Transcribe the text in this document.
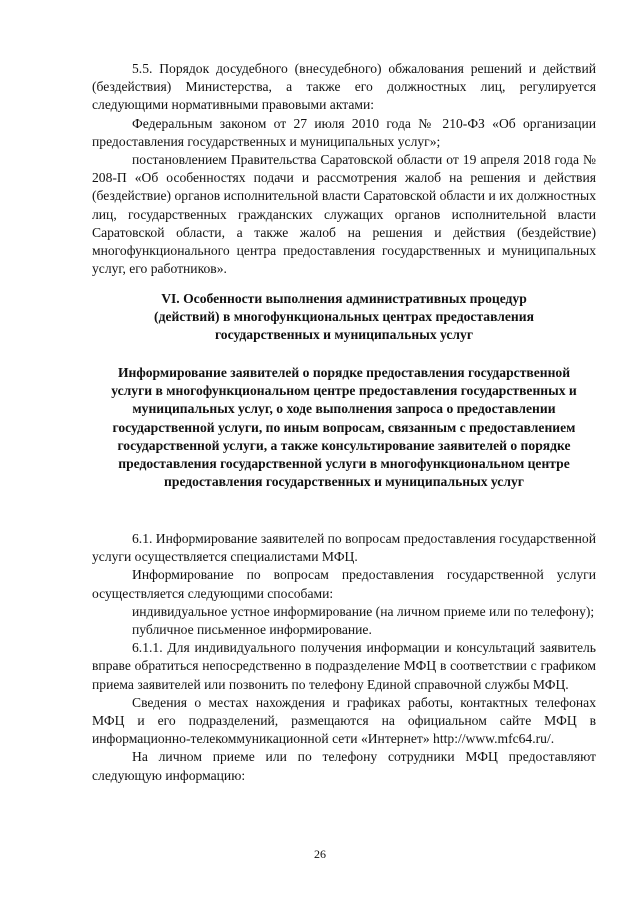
5.5. Порядок досудебного (внесудебного) обжалования решений и действий (бездействия) Министерства, а также его должностных лиц, регулируется следующими нормативными правовыми актами:

Федеральным законом от 27 июля 2010 года № 210-ФЗ «Об организации предоставления государственных и муниципальных услуг»;

постановлением Правительства Саратовской области от 19 апреля 2018 года № 208-П «Об особенностях подачи и рассмотрения жалоб на решения и действия (бездействие) органов исполнительной власти Саратовской области и их должностных лиц, государственных гражданских служащих органов исполнительной власти Саратовской области, а также жалоб на решения и действия (бездействие) многофункционального центра предоставления государственных и муниципальных услуг, его работников».

VI. Особенности выполнения административных процедур (действий) в многофункциональных центрах предоставления государственных и муниципальных услуг

Информирование заявителей о порядке предоставления государственной услуги в многофункциональном центре предоставления государственных и муниципальных услуг, о ходе выполнения запроса о предоставлении государственной услуги, по иным вопросам, связанным с предоставлением государственной услуги, а также консультирование заявителей о порядке предоставления государственной услуги в многофункциональном центре предоставления государственных и муниципальных услуг

6.1. Информирование заявителей по вопросам предоставления государственной услуги осуществляется специалистами МФЦ.

Информирование по вопросам предоставления государственной услуги осуществляется следующими способами:

индивидуальное устное информирование (на личном приеме или по телефону);

публичное письменное информирование.

6.1.1. Для индивидуального получения информации и консультаций заявитель вправе обратиться непосредственно в подразделение МФЦ в соответствии с графиком приема заявителей или позвонить по телефону Единой справочной службы МФЦ.

Сведения о местах нахождения и графиках работы, контактных телефонах МФЦ и его подразделений, размещаются на официальном сайте МФЦ в информационно-телекоммуникационной сети «Интернет» http://www.mfc64.ru/.

На личном приеме или по телефону сотрудники МФЦ предоставляют следующую информацию:

26
